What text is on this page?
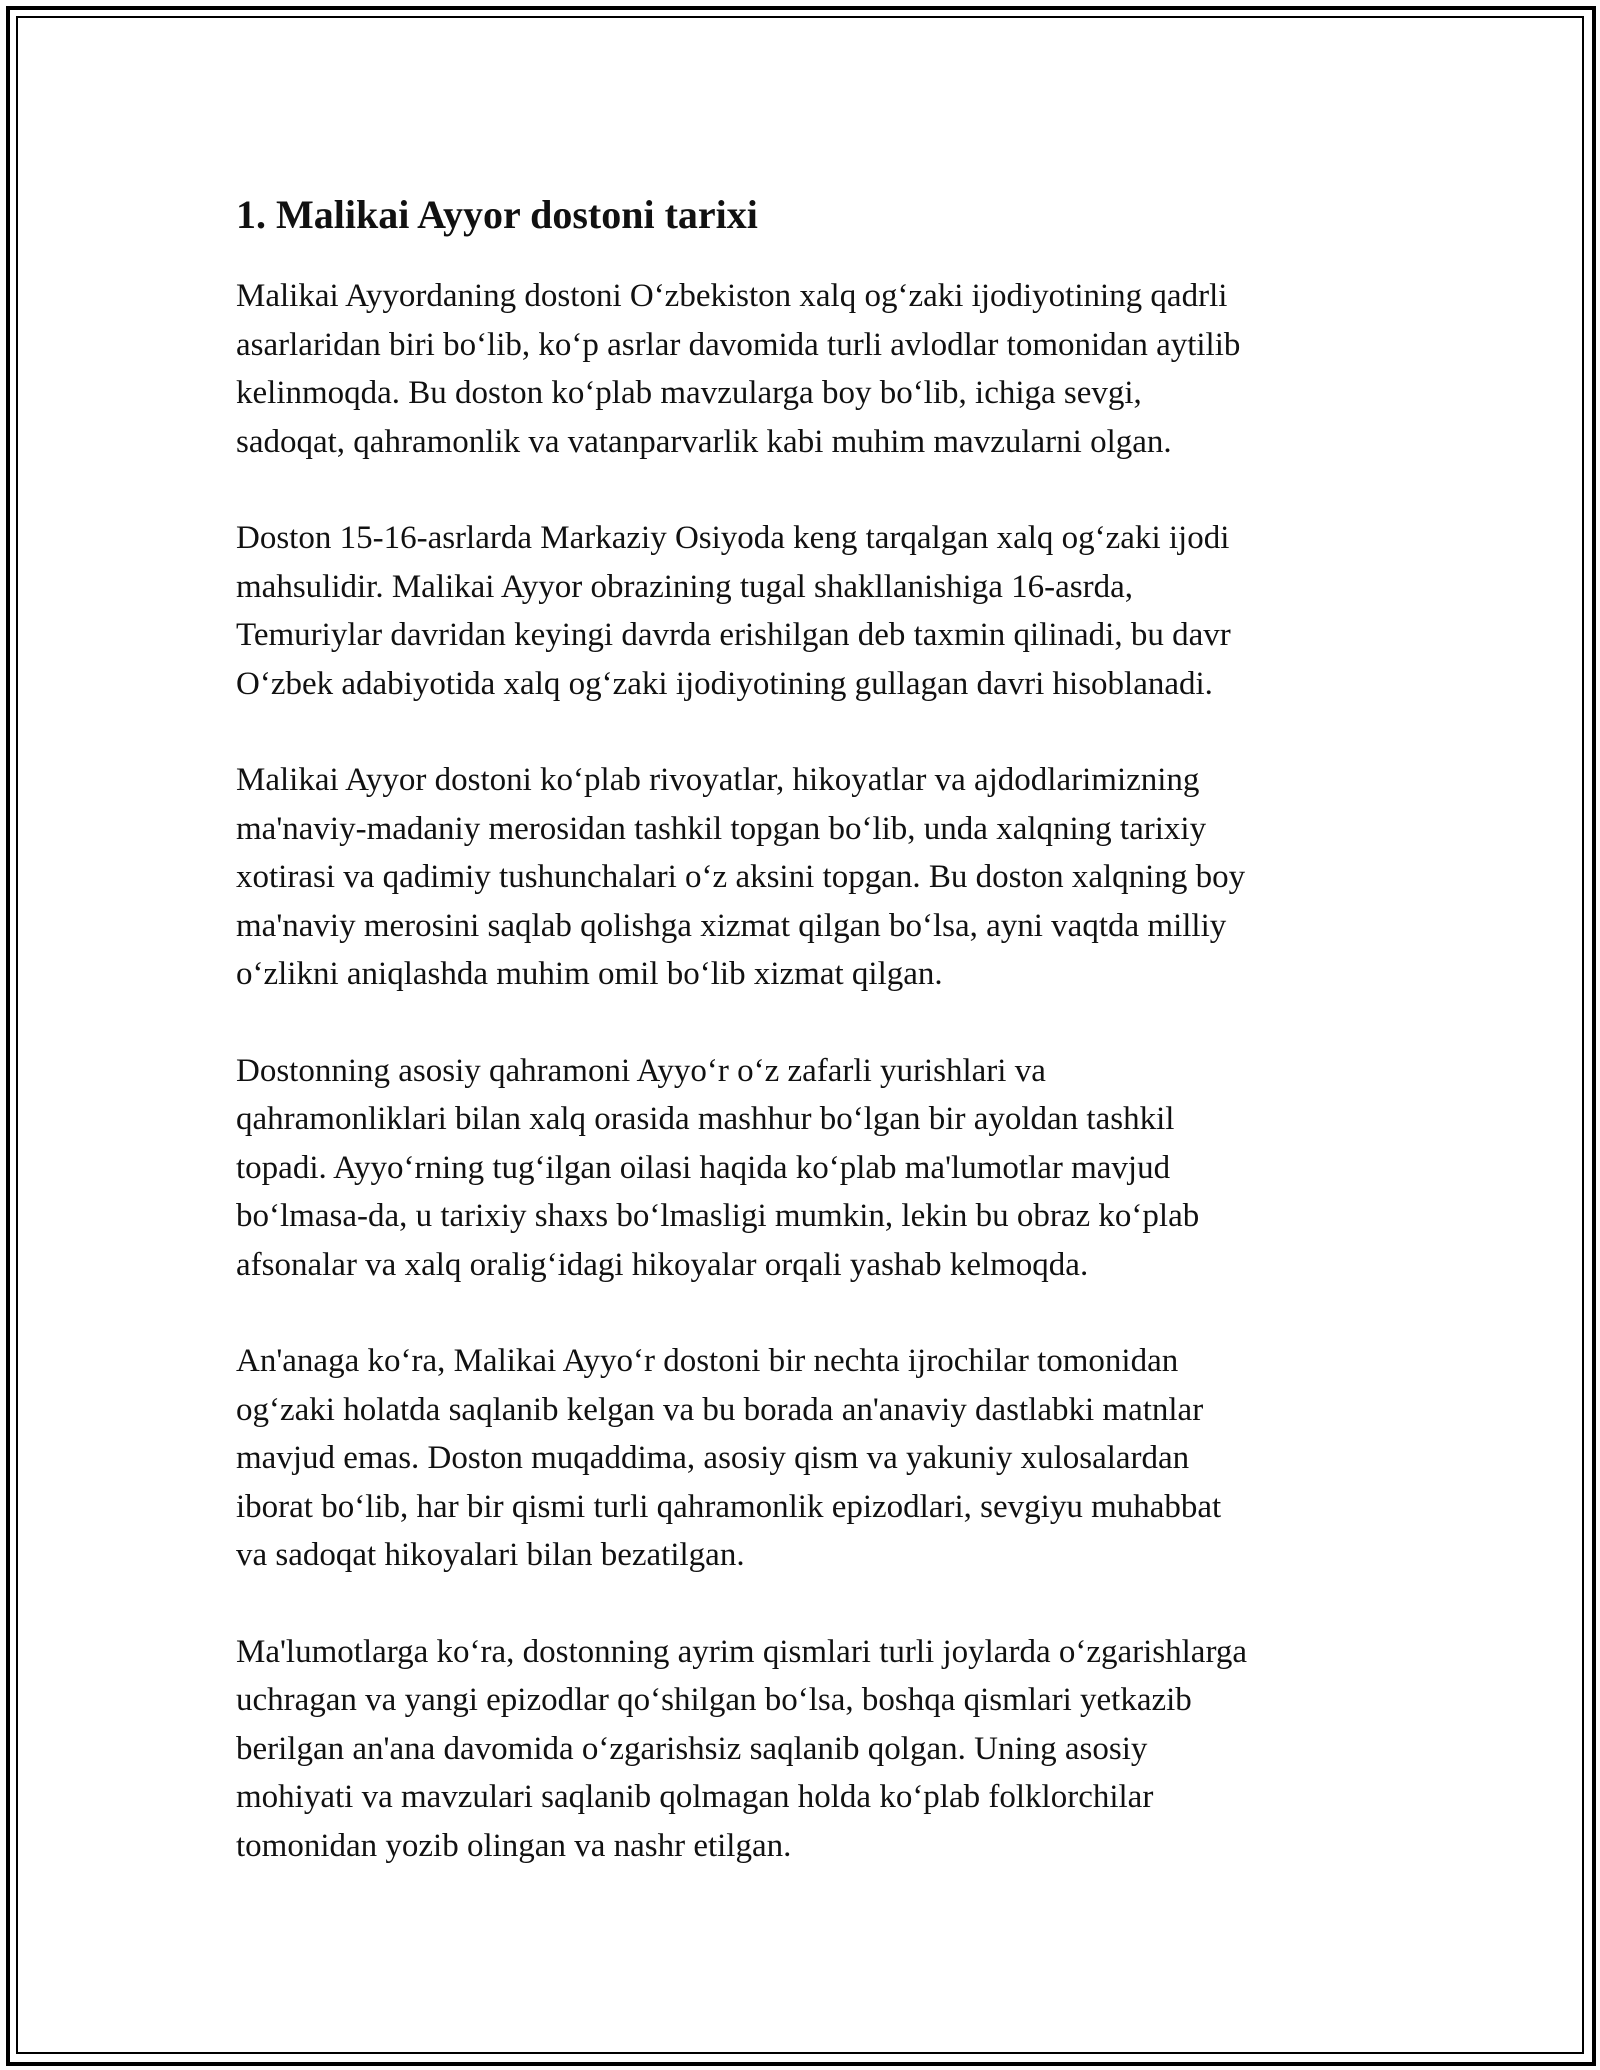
1. Malikai Ayyor dostoni tarixi

Malikai Ayyordaning dostoni O‘zbekiston xalq og‘zaki ijodiyotining qadrli
asarlaridan biri bo‘lib, ko‘p asrlar davomida turli avlodlar tomonidan aytilib
kelinmoqda. Bu doston ko‘plab mavzularga boy bo‘lib, ichiga sevgi,
sadoqat, qahramonlik va vatanparvarlik kabi muhim mavzularni olgan.

Doston 15-16-asrlarda Markaziy Osiyoda keng tarqalgan xalq og‘zaki ijodi
mahsulidir. Malikai Ayyor obrazining tugal shakllanishiga 16-asrda,
Temuriylar davridan keyingi davrda erishilgan deb taxmin qilinadi, bu davr
O‘zbek adabiyotida xalq og‘zaki ijodiyotining gullagan davri hisoblanadi.

Malikai Ayyor dostoni ko‘plab rivoyatlar, hikoyatlar va ajdodlarimizning
ma'naviy-madaniy merosidan tashkil topgan bo‘lib, unda xalqning tarixiy
xotirasi va qadimiy tushunchalari o‘z aksini topgan. Bu doston xalqning boy
ma'naviy merosini saqlab qolishga xizmat qilgan bo‘lsa, ayni vaqtda milliy
o‘zlikni aniqlashda muhim omil bo‘lib xizmat qilgan.

Dostonning asosiy qahramoni Ayyo‘r o‘z zafarli yurishlari va
qahramonliklari bilan xalq orasida mashhur bo‘lgan bir ayoldan tashkil
topadi. Ayyo‘rning tug‘ilgan oilasi haqida ko‘plab ma'lumotlar mavjud
bo‘lmasa-da, u tarixiy shaxs bo‘lmasligi mumkin, lekin bu obraz ko‘plab
afsonalar va xalq oralig‘idagi hikoyalar orqali yashab kelmoqda.

An'anaga ko‘ra, Malikai Ayyo‘r dostoni bir nechta ijrochilar tomonidan
og‘zaki holatda saqlanib kelgan va bu borada an'anaviy dastlabki matnlar
mavjud emas. Doston muqaddima, asosiy qism va yakuniy xulosalardan
iborat bo‘lib, har bir qismi turli qahramonlik epizodlari, sevgiyu muhabbat
va sadoqat hikoyalari bilan bezatilgan.

Ma'lumotlarga ko‘ra, dostonning ayrim qismlari turli joylarda o‘zgarishlarga
uchragan va yangi epizodlar qo‘shilgan bo‘lsa, boshqa qismlari yetkazib
berilgan an'ana davomida o‘zgarishsiz saqlanib qolgan. Uning asosiy
mohiyati va mavzulari saqlanib qolmagan holda ko‘plab folklorchilar
tomonidan yozib olingan va nashr etilgan.
